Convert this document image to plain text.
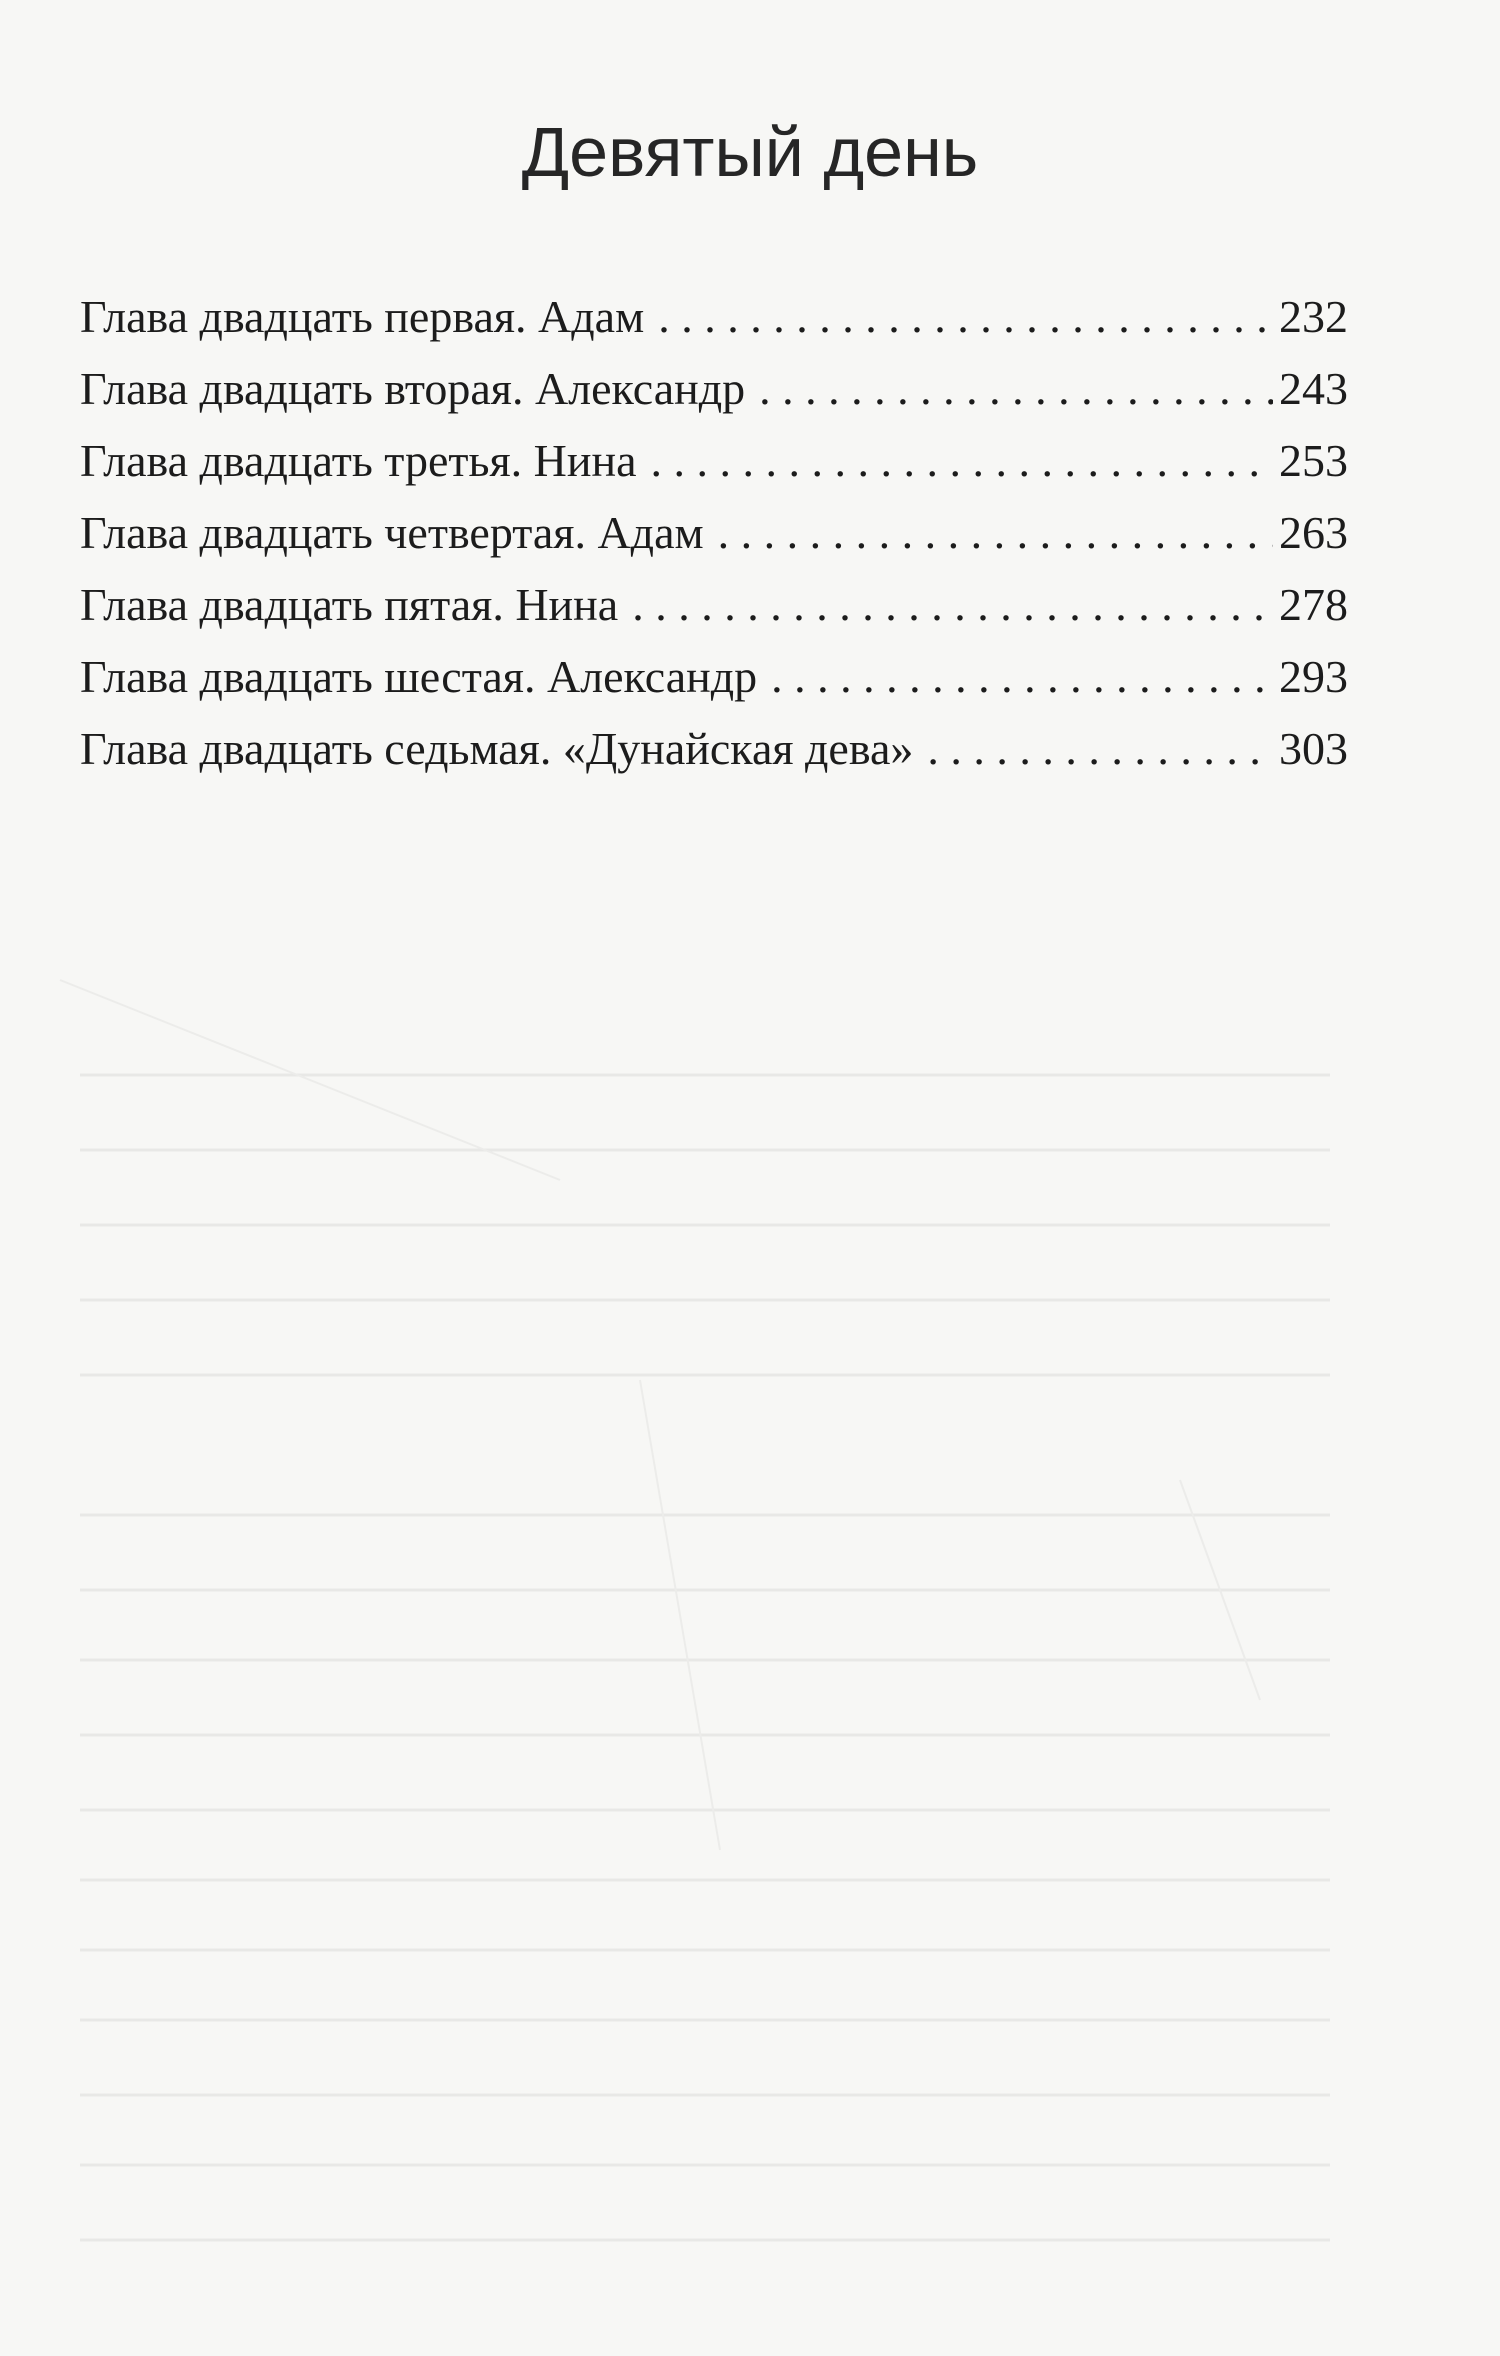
Девятый день
Глава двадцать первая. Адам . . .	232
Глава двадцать вторая. Александр . . .	243
Глава двадцать третья. Нина . . .	253
Глава двадцать четвертая. Адам . . .	263
Глава двадцать пятая. Нина . . .	278
Глава двадцать шестая. Александр . . .	293
Глава двадцать седьмая. «Дунайская дева» . . .	303
